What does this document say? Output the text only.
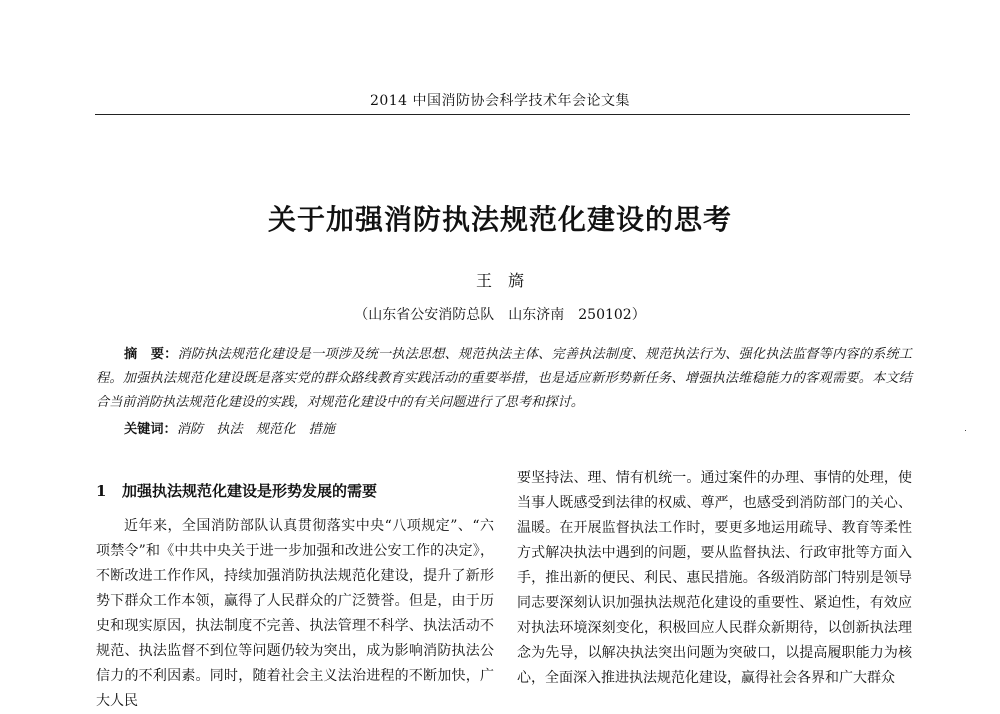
2014 中国消防协会科学技术年会论文集
关于加强消防执法规范化建设的思考
王　旖
（山东省公安消防总队　山东济南　250102）
摘　要：消防执法规范化建设是一项涉及统一执法思想、规范执法主体、完善执法制度、规范执法行为、强化执法监督等内容的系统工程。加强执法规范化建设既是落实党的群众路线教育实践活动的重要举措，也是适应新形势新任务、增强执法维稳能力的客观需要。本文结合当前消防执法规范化建设的实践，对规范化建设中的有关问题进行了思考和探讨。
关键词：消防　执法　规范化　措施
1 加强执法规范化建设是形势发展的需要

近年来，全国消防部队认真贯彻落实中央“八项规定”、“六项禁令”和《中共中央关于进一步加强和改进公安工作的决定》，不断改进工作作风，持续加强消防执法规范化建设，提升了新形势下群众工作本领，赢得了人民群众的广泛赞誉。但是，由于历史和现实原因，执法制度不完善、执法管理不科学、执法活动不规范、执法监督不到位等问题仍较为突出，成为影响消防执法公信力的不利因素。同时，随着社会主义法治进程的不断加快，广大人民

要坚持法、理、情有机统一。通过案件的办理、事情的处理，使当事人既感受到法律的权威、尊严，也感受到消防部门的关心、温暖。在开展监督执法工作时，要更多地运用疏导、教育等柔性方式解决执法中遇到的问题，要从监督执法、行政审批等方面入手，推出新的便民、利民、惠民措施。各级消防部门特别是领导同志要深刻认识加强执法规范化建设的重要性、紧迫性，有效应对执法环境深刻变化，积极回应人民群众新期待，以创新执法理念为先导，以解决执法突出问题为突破口，以提高履职能力为核心，全面深入推进执法规范化建设，赢得社会各界和广大群众
